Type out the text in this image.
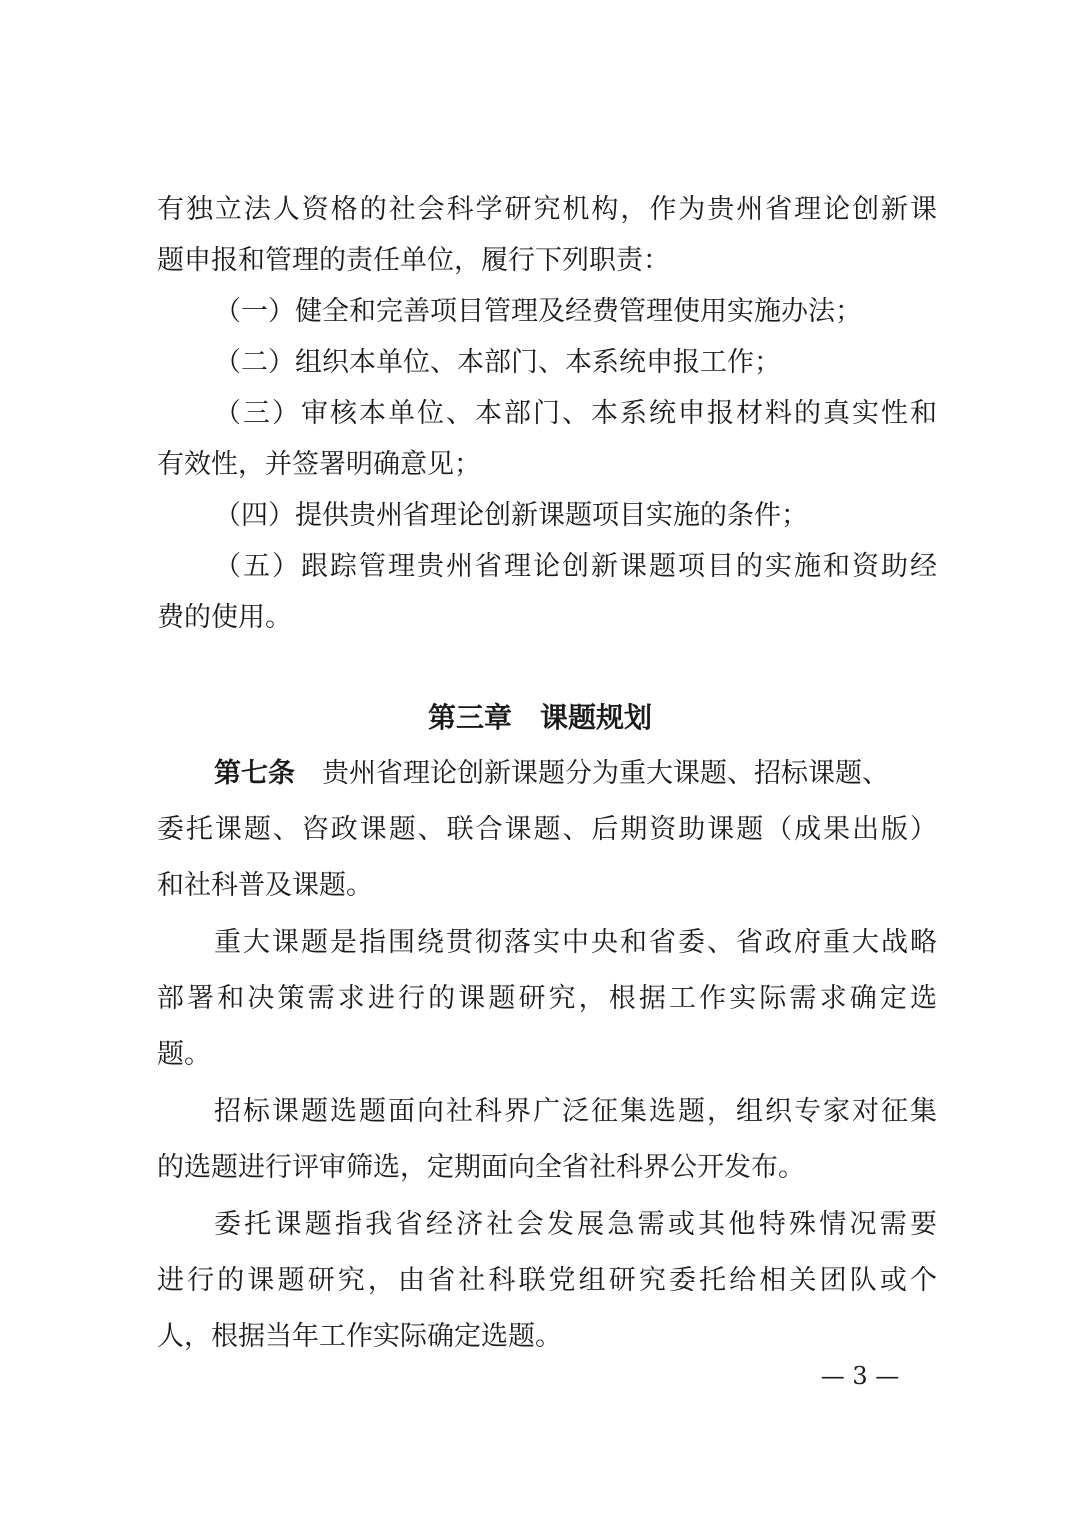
有独立法人资格的社会科学研究机构，作为贵州省理论创新课
题申报和管理的责任单位，履行下列职责：
（一）健全和完善项目管理及经费管理使用实施办法；
（二）组织本单位、本部门、本系统申报工作；
（三）审核本单位、本部门、本系统申报材料的真实性和
有效性，并签署明确意见；
（四）提供贵州省理论创新课题项目实施的条件；
（五）跟踪管理贵州省理论创新课题项目的实施和资助经
费的使用。
第三章　课题规划
第七条　贵州省理论创新课题分为重大课题、招标课题、
委托课题、咨政课题、联合课题、后期资助课题（成果出版）
和社科普及课题。
重大课题是指围绕贯彻落实中央和省委、省政府重大战略
部署和决策需求进行的课题研究，根据工作实际需求确定选
题。
招标课题选题面向社科界广泛征集选题，组织专家对征集
的选题进行评审筛选，定期面向全省社科界公开发布。
委托课题指我省经济社会发展急需或其他特殊情况需要
进行的课题研究，由省社科联党组研究委托给相关团队或个
人，根据当年工作实际确定选题。
— 3 —
